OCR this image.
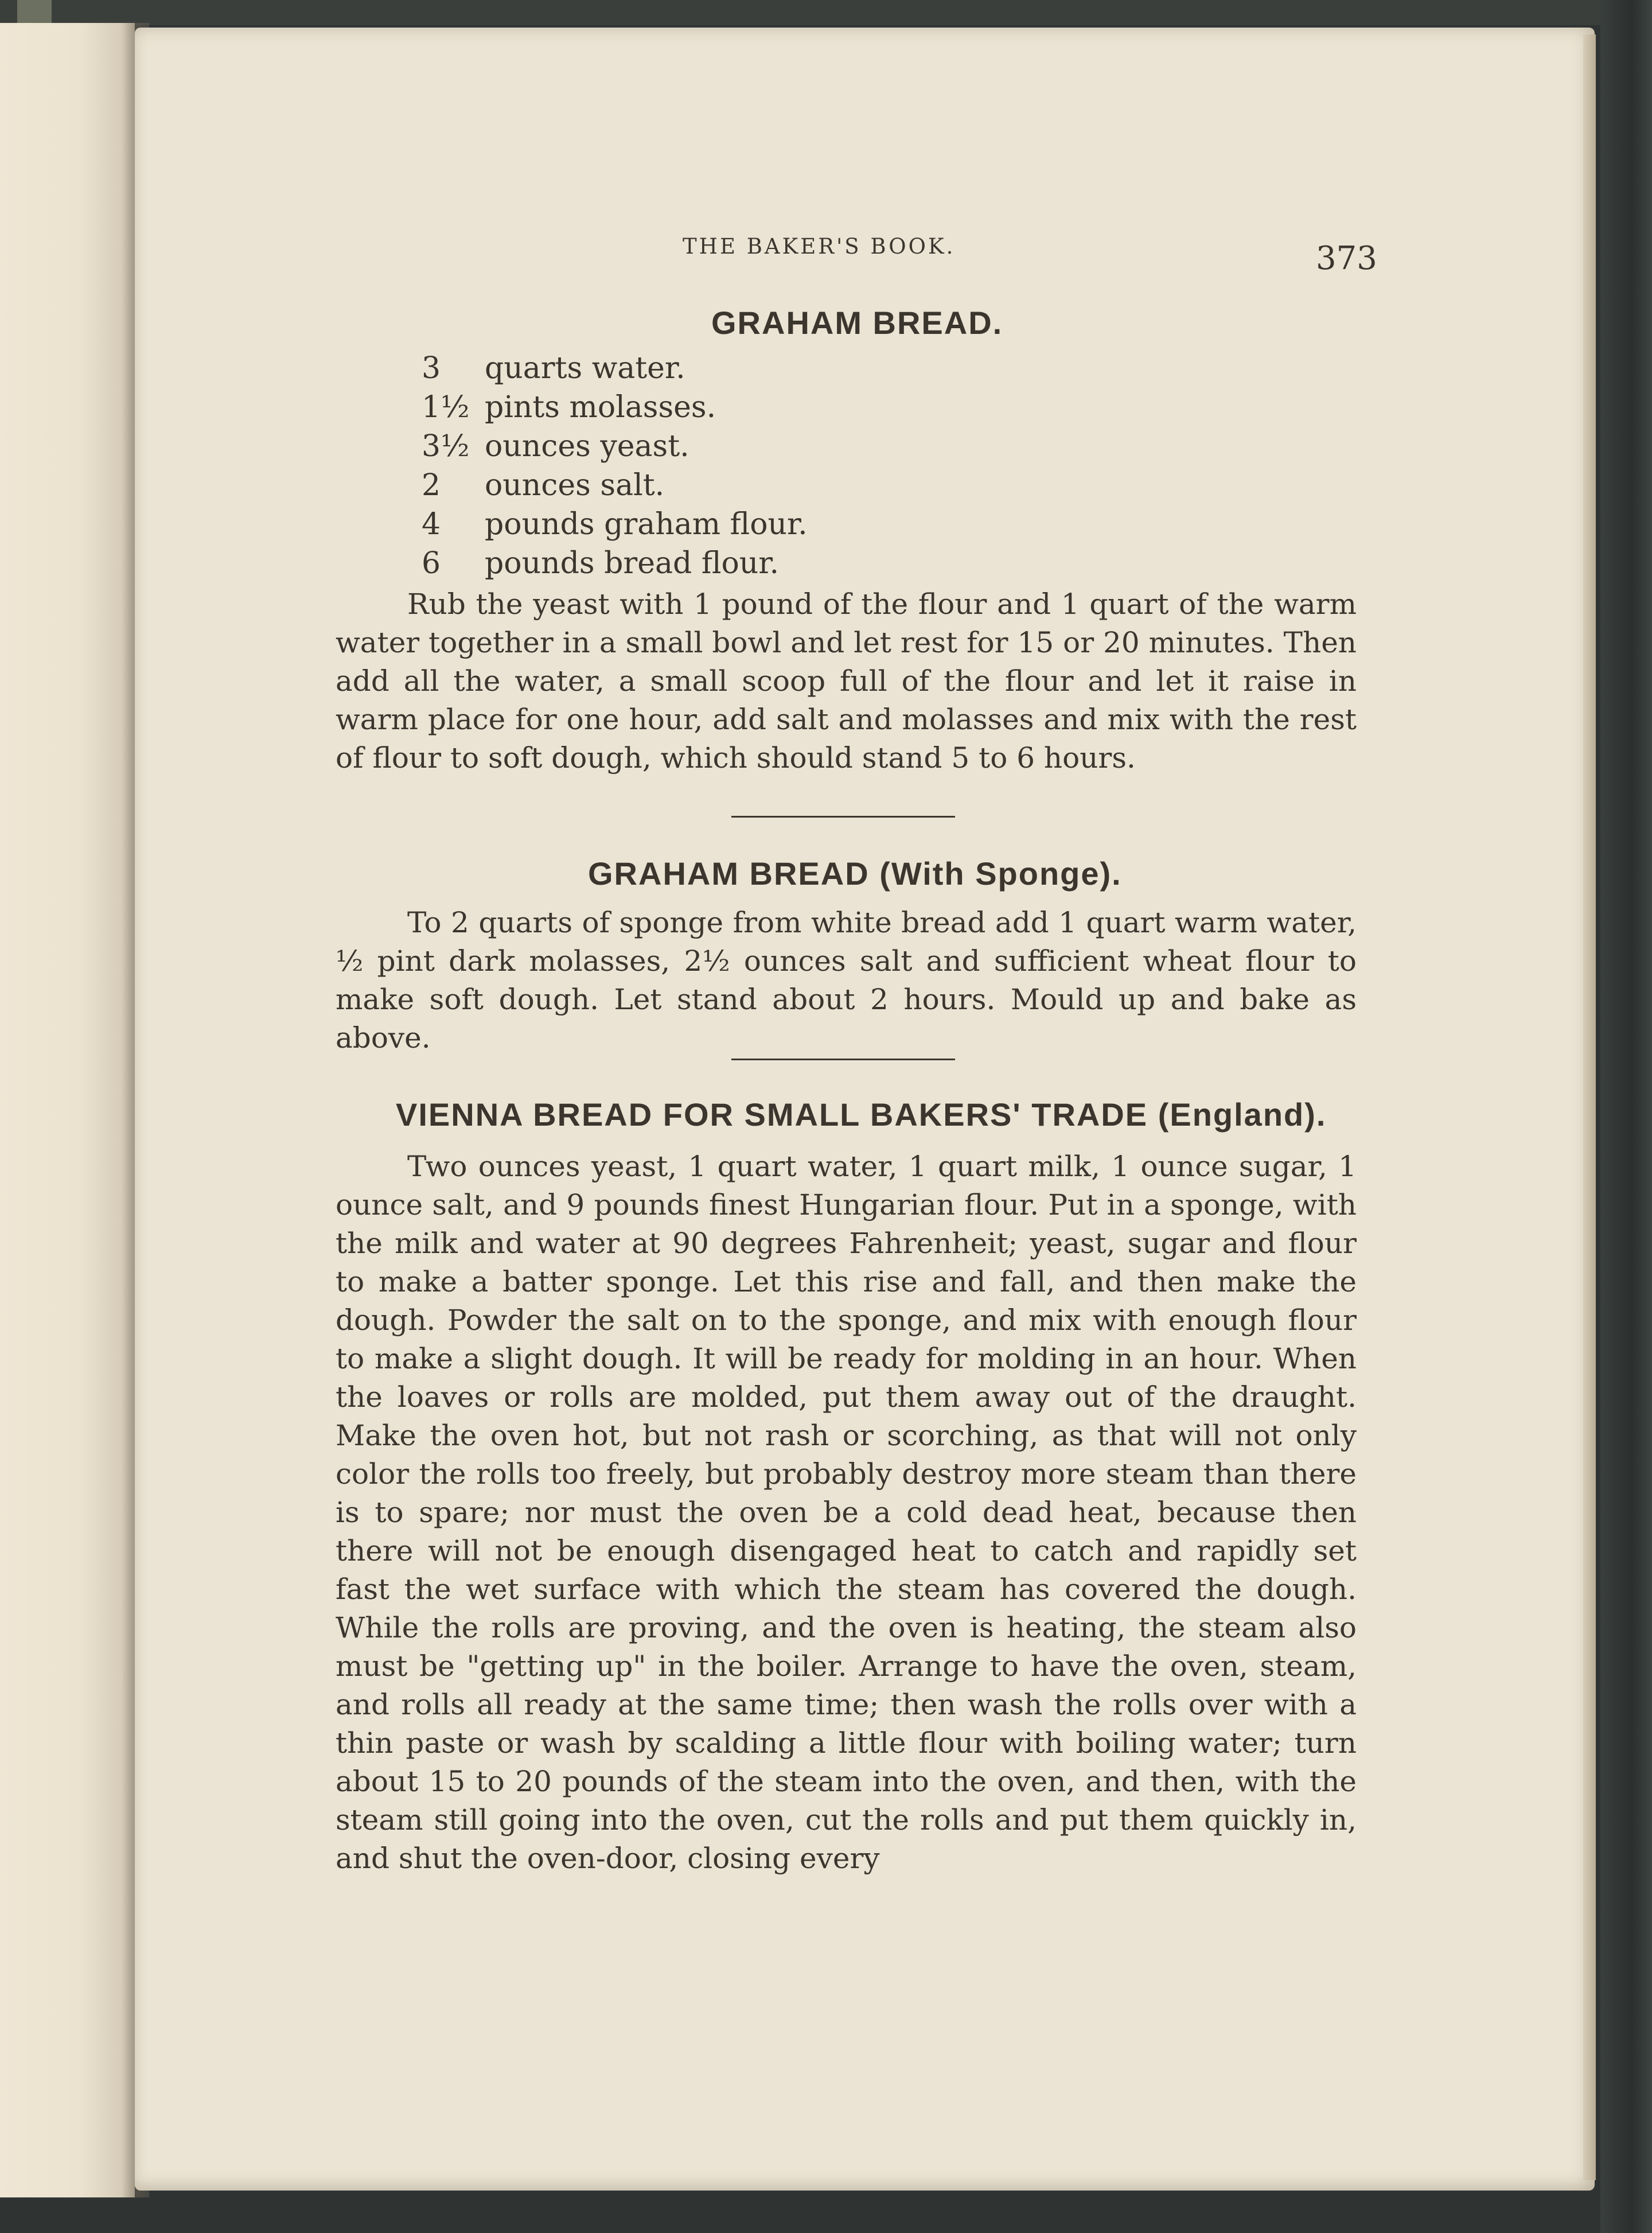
THE BAKER'S BOOK.	373
GRAHAM BREAD.
3 quarts water.
1½ pints molasses.
3½ ounces yeast.
2 ounces salt.
4 pounds graham flour.
6 pounds bread flour.

Rub the yeast with 1 pound of the flour and 1 quart of the warm water together in a small bowl and let rest for 15 or 20 minutes. Then add all the water, a small scoop full of the flour and let it raise in warm place for one hour, add salt and molasses and mix with the rest of flour to soft dough, which should stand 5 to 6 hours.

GRAHAM BREAD (With Sponge).

To 2 quarts of sponge from white bread add 1 quart warm water, ½ pint dark molasses, 2½ ounces salt and sufficient wheat flour to make soft dough. Let stand about 2 hours. Mould up and bake as above.

VIENNA BREAD FOR SMALL BAKERS' TRADE (England).

Two ounces yeast, 1 quart water, 1 quart milk, 1 ounce sugar, 1 ounce salt, and 9 pounds finest Hungarian flour. Put in a sponge, with the milk and water at 90 degrees Fahrenheit; yeast, sugar and flour to make a batter sponge. Let this rise and fall, and then make the dough. Powder the salt on to the sponge, and mix with enough flour to make a slight dough. It will be ready for molding in an hour. When the loaves or rolls are molded, put them away out of the draught. Make the oven hot, but not rash or scorching, as that will not only color the rolls too freely, but probably destroy more steam than there is to spare; nor must the oven be a cold dead heat, because then there will not be enough disengaged heat to catch and rapidly set fast the wet surface with which the steam has covered the dough. While the rolls are proving, and the oven is heating, the steam also must be "getting up" in the boiler. Arrange to have the oven, steam, and rolls all ready at the same time; then wash the rolls over with a thin paste or wash by scalding a little flour with boiling water; turn about 15 to 20 pounds of the steam into the oven, and then, with the steam still going into the oven, cut the rolls and put them quickly in, and shut the oven-door, closing every
